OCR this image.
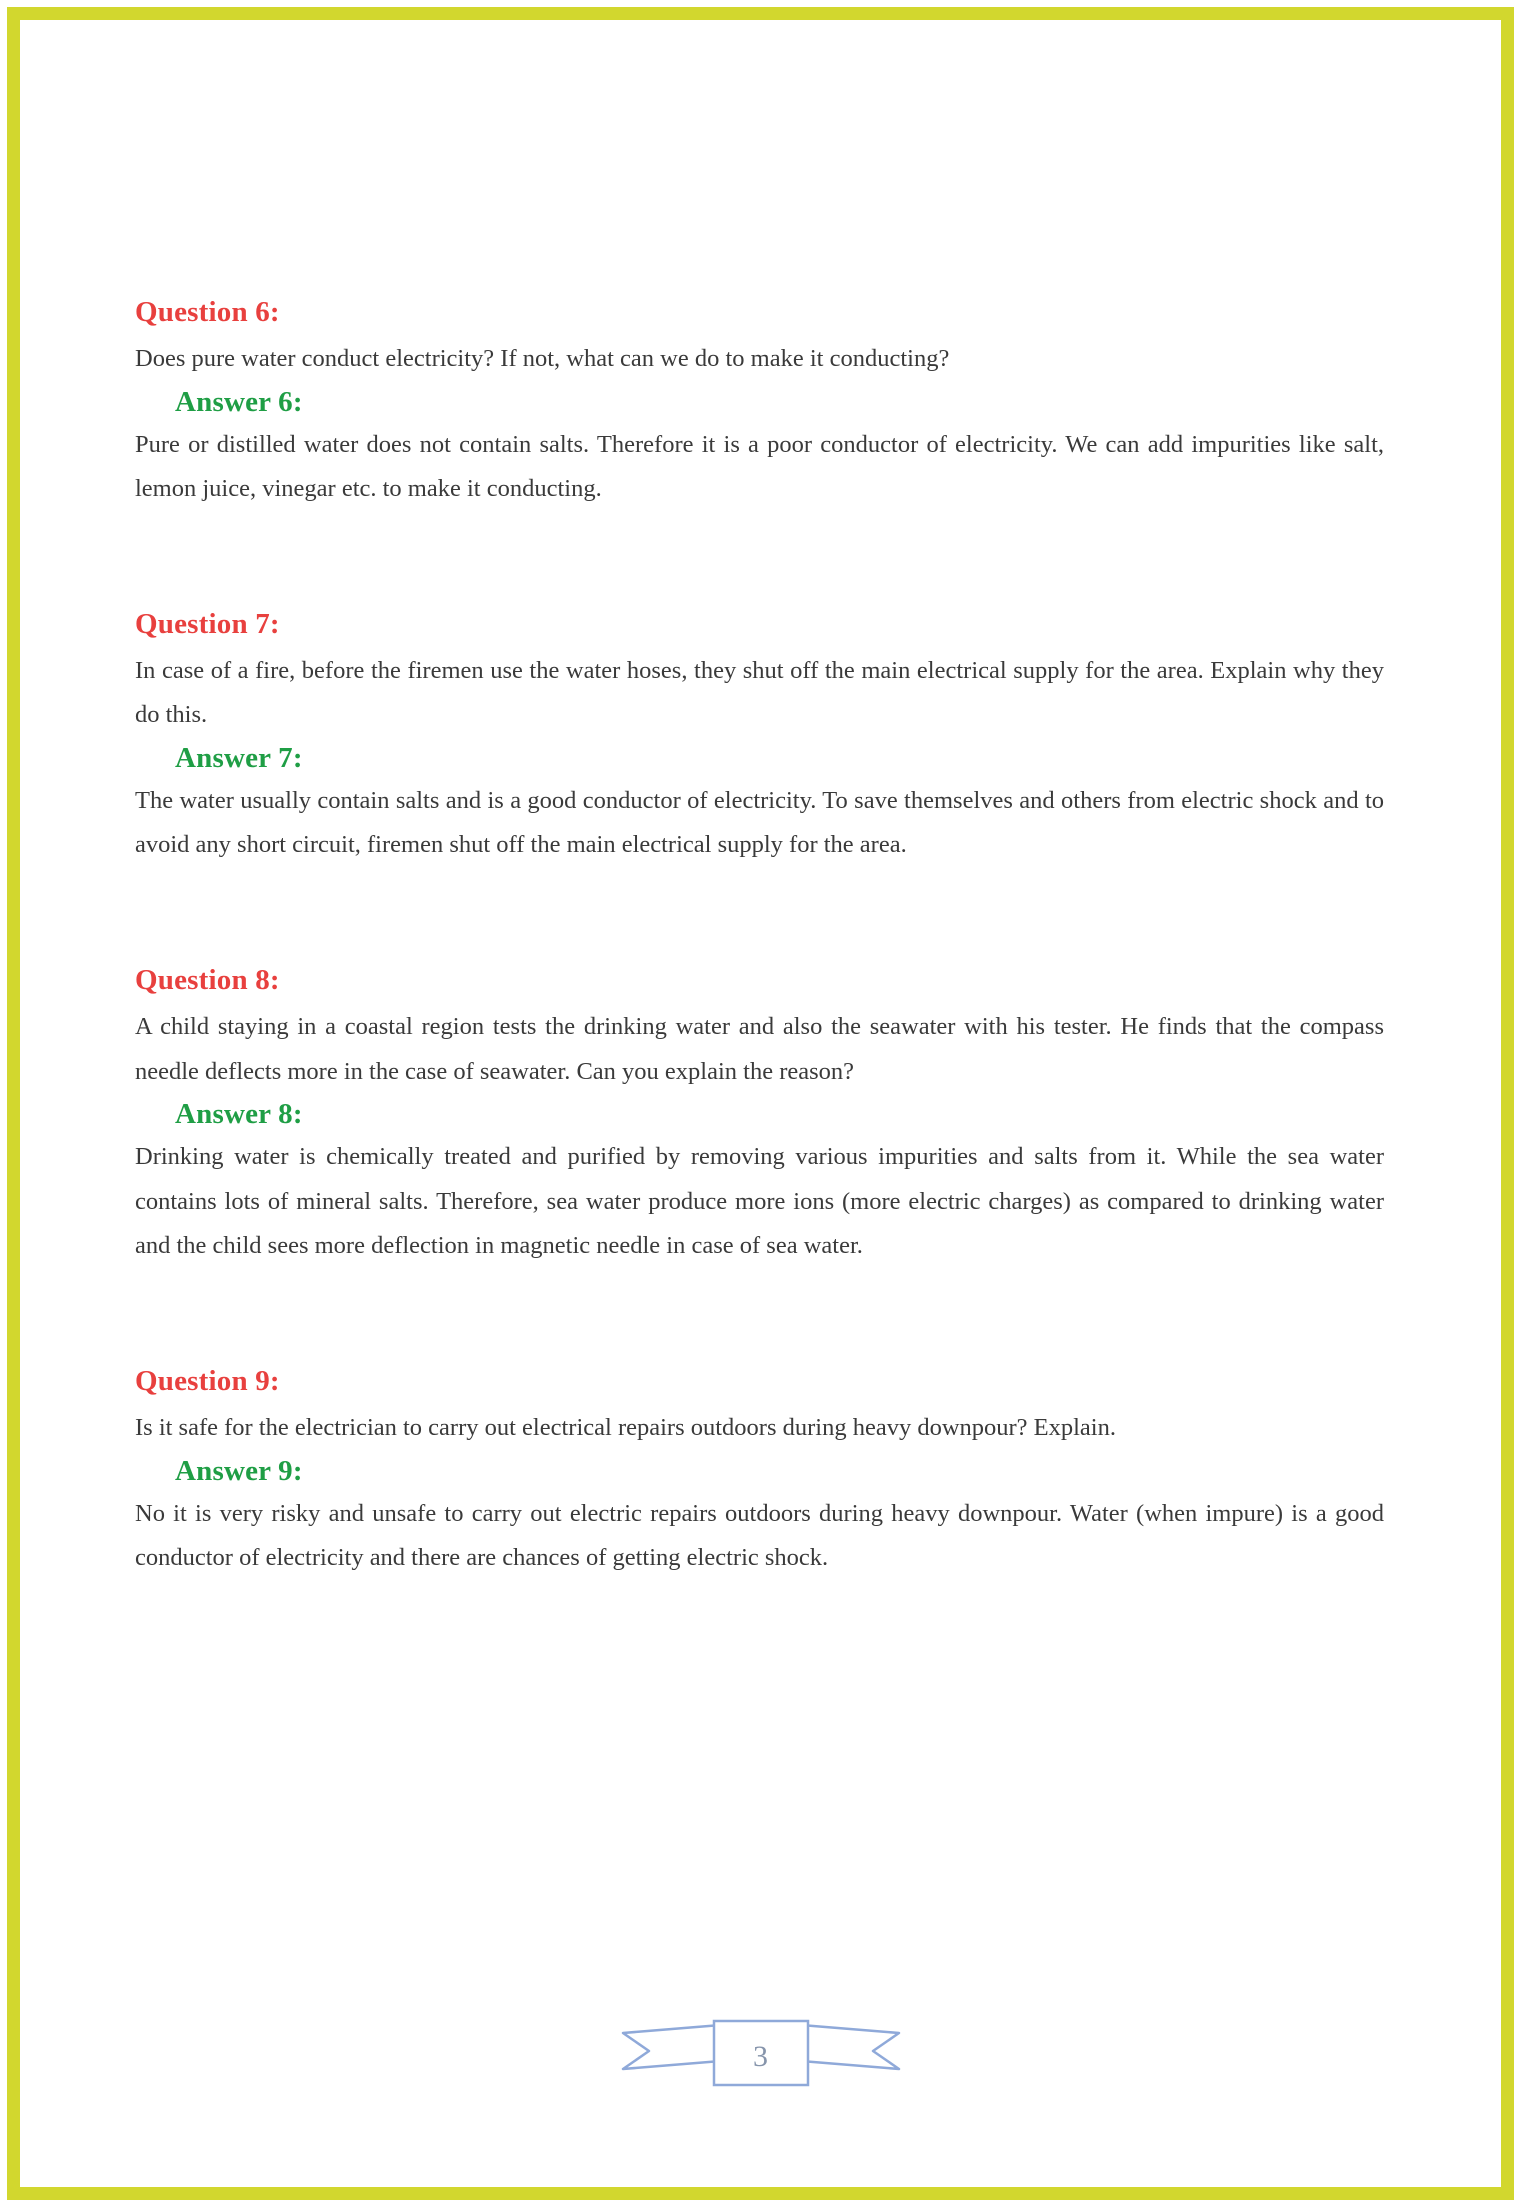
Question 6:

Does pure water conduct electricity? If not, what can we do to make it conducting?

Answer 6:

Pure or distilled water does not contain salts. Therefore it is a poor conductor of electricity. We can add impurities like salt, lemon juice, vinegar etc. to make it conducting.

Question 7:

In case of a fire, before the firemen use the water hoses, they shut off the main electrical supply for the area. Explain why they do this.

Answer 7:

The water usually contain salts and is a good conductor of electricity. To save themselves and others from electric shock and to avoid any short circuit, firemen shut off the main electrical supply for the area.

Question 8:

A child staying in a coastal region tests the drinking water and also the seawater with his tester. He finds that the compass needle deflects more in the case of seawater. Can you explain the reason?

Answer 8:

Drinking water is chemically treated and purified by removing various impurities and salts from it. While the sea water contains lots of mineral salts. Therefore, sea water produce more ions (more electric charges) as compared to drinking water and the child sees more deflection in magnetic needle in case of sea water.

Question 9:

Is it safe for the electrician to carry out electrical repairs outdoors during heavy downpour? Explain.

Answer 9:

No it is very risky and unsafe to carry out electric repairs outdoors during heavy downpour. Water (when impure) is a good conductor of electricity and there are chances of getting electric shock.

3
